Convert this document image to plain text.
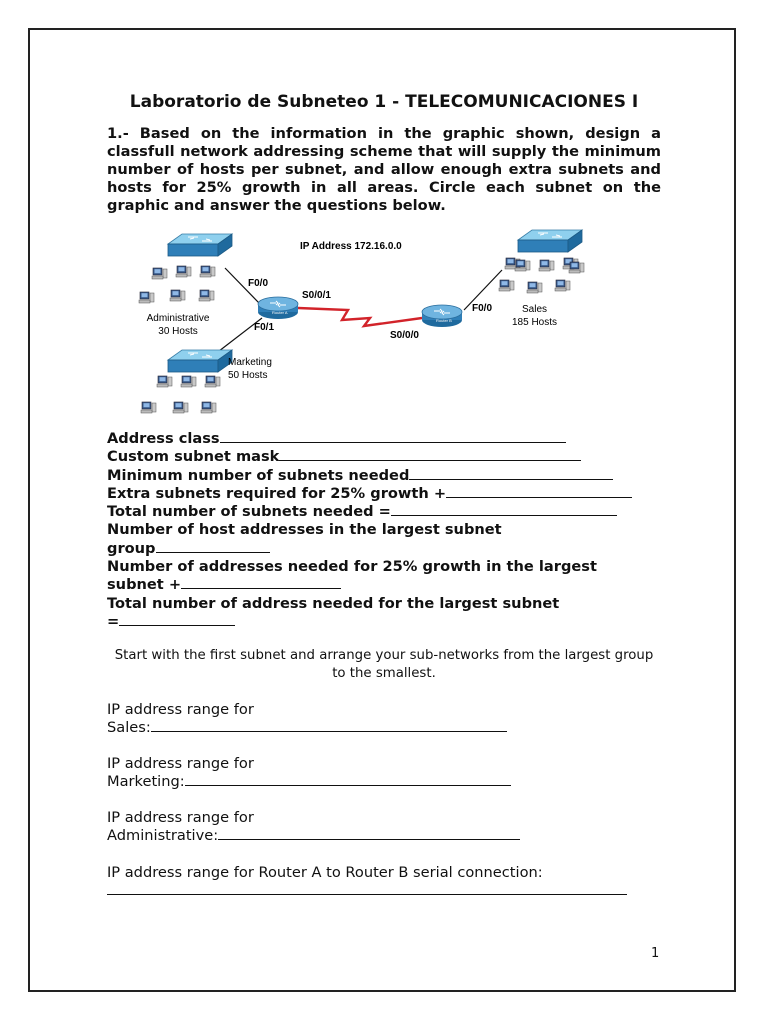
Laboratorio de Subneteo 1 - TELECOMUNICACIONES I
1.- Based on the information in the graphic shown, design a classfull network addressing scheme that will supply the minimum number of hosts per subnet, and allow enough extra subnets and hosts for 25% growth in all areas. Circle each subnet on the graphic and answer the questions below.
Administrative
30 Hosts
Marketing
50 Hosts
Router A
F0/0
F0/1
S0/0/1
IP Address 172.16.0.0
Router B
S0/0/0
F0/0	Sales
185 Hosts
Address class
Custom subnet mask
Minimum number of subnets needed
Extra subnets required for 25% growth +
Total number of subnets needed =
Number of host addresses in the largest subnet
group
Number of addresses needed for 25% growth in the largest
subnet +
Total number of address needed for the largest subnet
=
Start with the first subnet and arrange your sub-networks from the largest group to the smallest.
IP address range for
Sales:
IP address range for
Marketing:
IP address range for
Administrative:
IP address range for Router A to Router B serial connection:
1
